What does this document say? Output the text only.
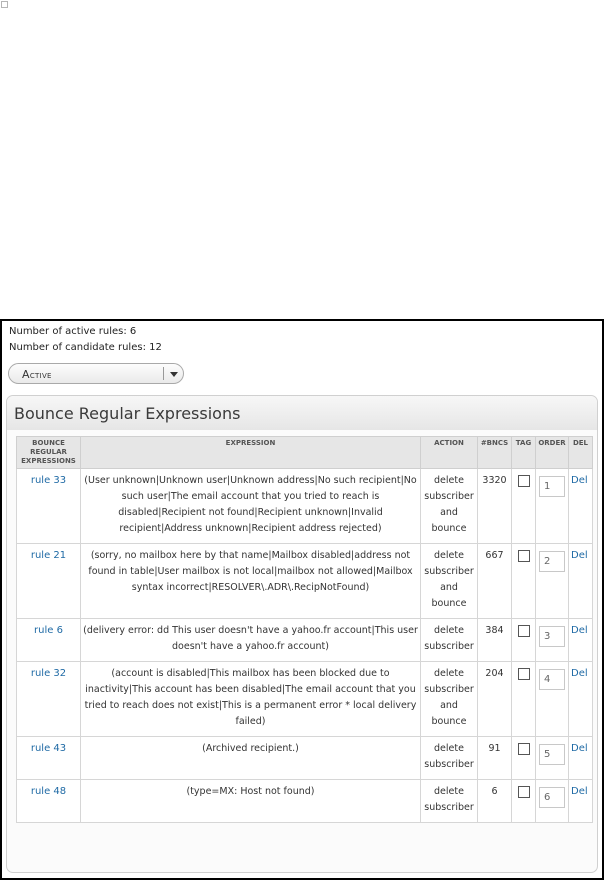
Number of active rules: 6
Number of candidate rules: 12
Active
Bounce Regular Expressions
BOUNCE REGULAR EXPRESSIONS	EXPRESSION	ACTION	#BNCS	TAG	ORDER	DEL
rule 33	(User unknown|Unknown user|Unknown address|No such recipient|No such user|The email account that you tried to reach is disabled|Recipient not found|Recipient unknown|Invalid recipient|Address unknown|Recipient address rejected)	delete subscriber and bounce	3320		1	Del
rule 21	(sorry, no mailbox here by that name|Mailbox disabled|address not found in table|User mailbox is not local|mailbox not allowed|Mailbox syntax incorrect|RESOLVER\.ADR\.RecipNotFound)	delete subscriber and bounce	667		2	Del
rule 6	(delivery error: dd This user doesn't have a yahoo.fr account|This user doesn't have a yahoo.fr account)	delete subscriber	384		3	Del
rule 32	(account is disabled|This mailbox has been blocked due to inactivity|This account has been disabled|The email account that you tried to reach does not exist|This is a permanent error * local delivery failed)	delete subscriber and bounce	204		4	Del
rule 43	(Archived recipient.)	delete subscriber	91		5	Del
rule 48	(type=MX: Host not found)	delete subscriber	6		6	Del
